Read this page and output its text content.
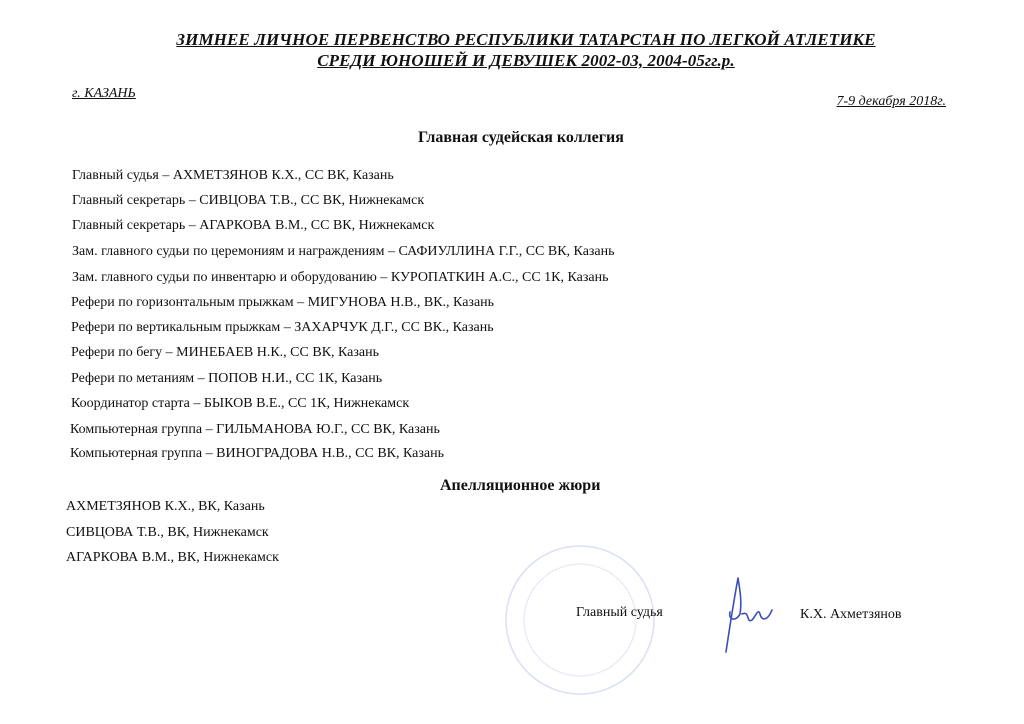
ЗИМНЕЕ ЛИЧНОЕ ПЕРВЕНСТВО РЕСПУБЛИКИ ТАТАРСТАН ПО ЛЕГКОЙ АТЛЕТИКЕ
СРЕДИ ЮНОШЕЙ И ДЕВУШЕК 2002-03, 2004-05гг.р.
г. КАЗАНЬ
7-9 декабря 2018г.
Главная судейская коллегия
Главный судья – АХМЕТЗЯНОВ К.Х., СС ВК, Казань
Главный секретарь – СИВЦОВА Т.В., СС ВК, Нижнекамск
Главный секретарь – АГАРКОВА В.М., СС ВК, Нижнекамск
Зам. главного судьи по церемониям и награждениям – САФИУЛЛИНА Г.Г., СС ВК, Казань
Зам. главного судьи по инвентарю и оборудованию – КУРОПАТКИН А.С., СС 1К, Казань
Рефери по горизонтальным прыжкам – МИГУНОВА Н.В., ВК., Казань
Рефери по вертикальным прыжкам – ЗАХАРЧУК Д.Г., СС ВК., Казань
Рефери по бегу – МИНЕБАЕВ Н.К., СС ВК, Казань
Рефери по метаниям – ПОПОВ Н.И., СС 1К, Казань
Координатор старта – БЫКОВ В.Е., СС 1К, Нижнекамск
Компьютерная группа – ГИЛЬМАНОВА Ю.Г., СС ВК, Казань
Компьютерная группа – ВИНОГРАДОВА Н.В., СС ВК, Казань
Апелляционное жюри
АХМЕТЗЯНОВ К.Х., ВК, Казань
СИВЦОВА Т.В., ВК, Нижнекамск
АГАРКОВА В.М., ВК, Нижнекамск
Главный судья	К.Х. Ахметзянов
